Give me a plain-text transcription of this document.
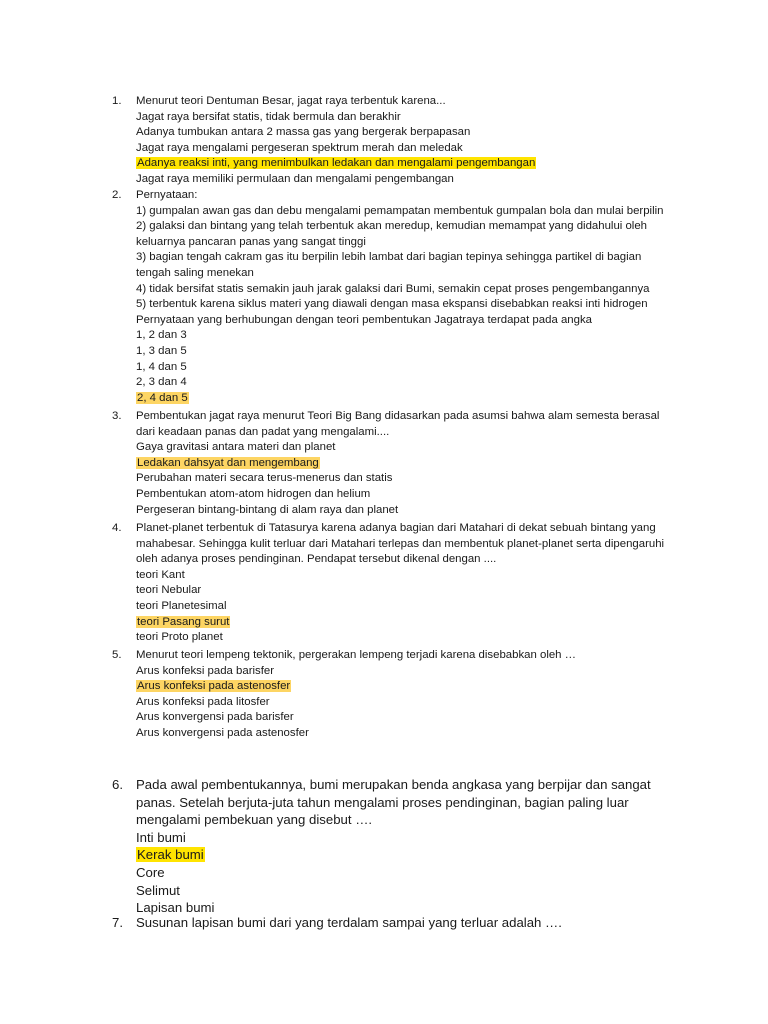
1. Menurut teori Dentuman Besar, jagat raya terbentuk karena...
Jagat raya bersifat statis, tidak bermula dan berakhir
Adanya tumbukan antara 2 massa gas yang bergerak berpapasan
Jagat raya mengalami pergeseran spektrum merah dan meledak
Adanya reaksi inti, yang menimbulkan ledakan dan mengalami pengembangan
Jagat raya memiliki permulaan dan mengalami pengembangan
2. Pernyataan:
1) gumpalan awan gas dan debu mengalami pemampatan membentuk gumpalan bola dan mulai berpilin
2) galaksi dan bintang yang telah terbentuk akan meredup, kemudian memampat yang didahului oleh keluarnya pancaran panas yang sangat tinggi
3) bagian tengah cakram gas itu berpilin lebih lambat dari bagian tepinya sehingga partikel di bagian tengah saling menekan
4) tidak bersifat statis semakin jauh jarak galaksi dari Bumi, semakin cepat proses pengembangannya
5) terbentuk karena siklus materi yang diawali dengan masa ekspansi disebabkan reaksi inti hidrogen
Pernyataan yang berhubungan dengan teori pembentukan Jagatraya terdapat pada angka
1, 2 dan 3
1, 3 dan 5
1, 4 dan 5
2, 3 dan 4
2, 4 dan 5
3. Pembentukan jagat raya menurut Teori Big Bang didasarkan pada asumsi bahwa alam semesta berasal dari keadaan panas dan padat yang mengalami....
Gaya gravitasi antara materi dan planet
Ledakan dahsyat dan mengembang
Perubahan materi secara terus-menerus dan statis
Pembentukan atom-atom hidrogen dan helium
Pergeseran bintang-bintang di alam raya dan planet
4. Planet-planet terbentuk di Tatasurya karena adanya bagian dari Matahari di dekat sebuah bintang yang mahabesar. Sehingga kulit terluar dari Matahari terlepas dan membentuk planet-planet serta dipengaruhi oleh adanya proses pendinginan. Pendapat tersebut dikenal dengan ....
teori Kant
teori Nebular
teori Planetesimal
teori Pasang surut
teori Proto planet
5. Menurut teori lempeng tektonik, pergerakan lempeng terjadi karena disebabkan oleh …
Arus konfeksi pada barisfer
Arus konfeksi pada astenosfer
Arus konfeksi pada litosfer
Arus konvergensi pada barisfer
Arus konvergensi pada astenosfer
6. Pada awal pembentukannya, bumi merupakan benda angkasa yang berpijar dan sangat panas. Setelah berjuta-juta tahun mengalami proses pendinginan, bagian paling luar mengalami pembekuan yang disebut ….
Inti bumi
Kerak bumi
Core
Selimut
Lapisan bumi
7. Susunan lapisan bumi dari yang terdalam sampai yang terluar adalah ….
